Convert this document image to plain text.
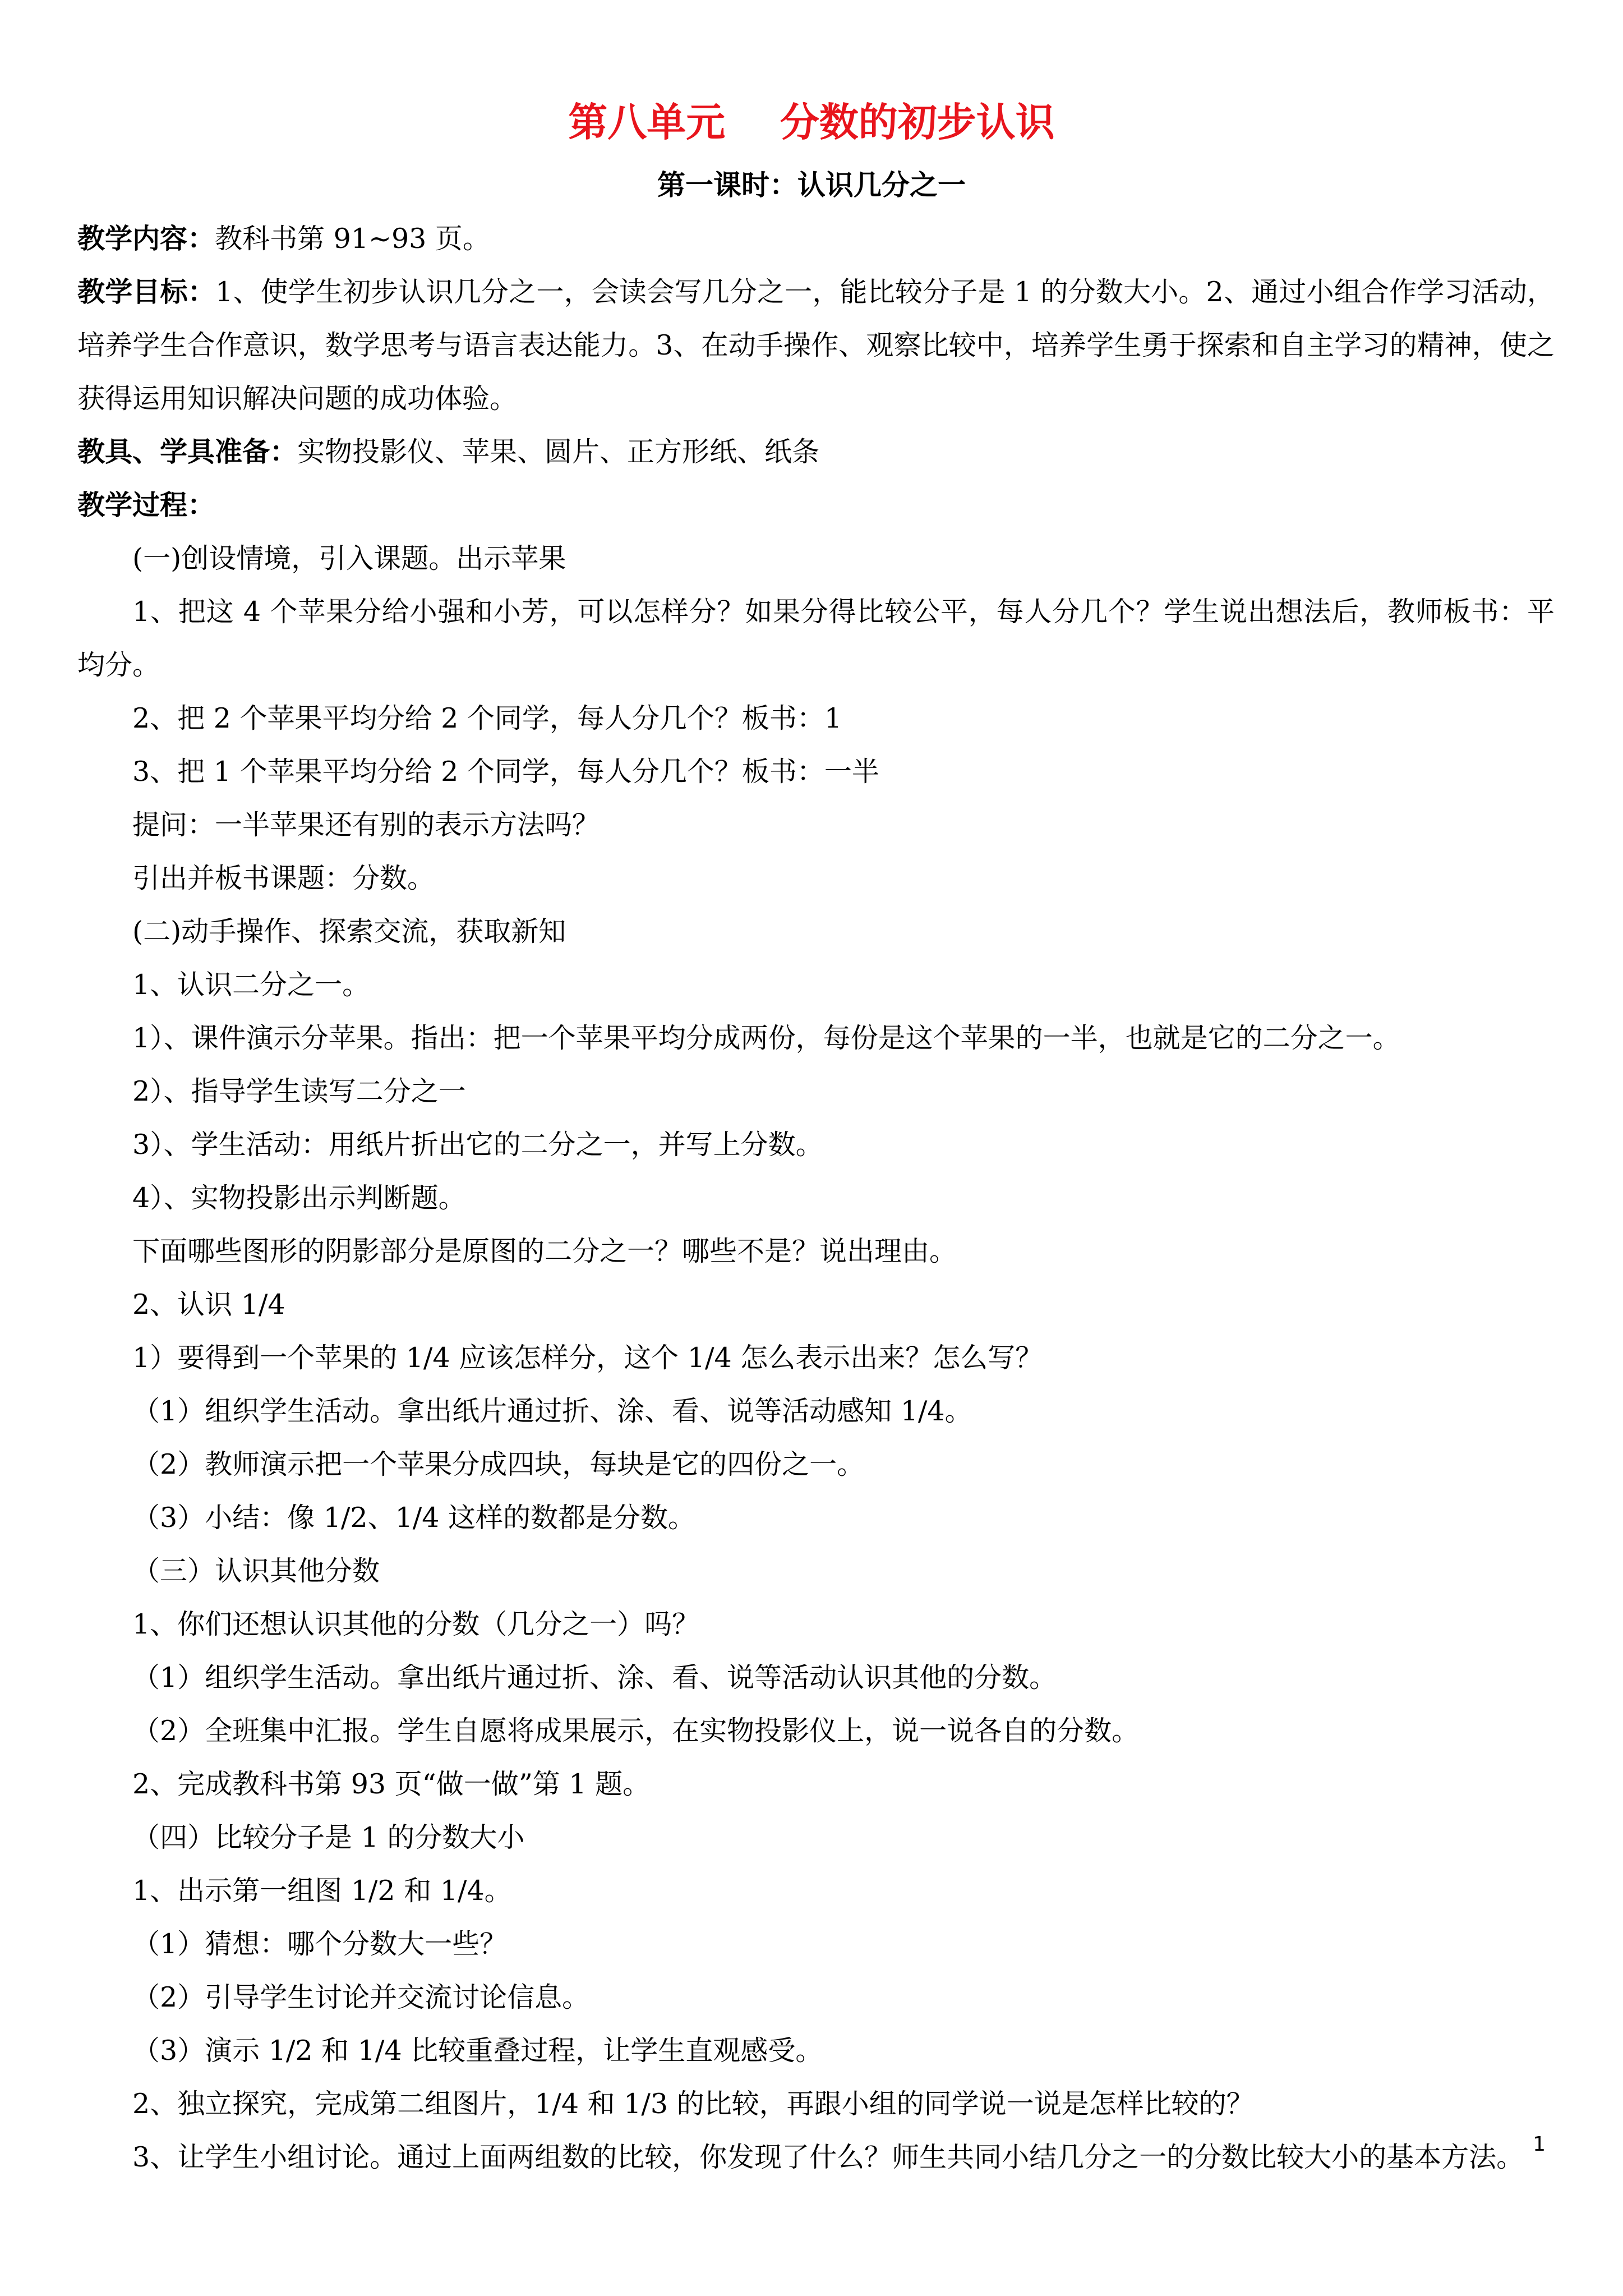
第八单元    分数的初步认识
第一课时：认识几分之一

教学内容：教科书第 91~93 页。

教学目标：1、使学生初步认识几分之一，会读会写几分之一，能比较分子是 1 的分数大小。2、通过小组合作学习活动，培养学生合作意识，数学思考与语言表达能力。3、在动手操作、观察比较中，培养学生勇于探索和自主学习的精神，使之获得运用知识解决问题的成功体验。

教具、学具准备：实物投影仪、苹果、圆片、正方形纸、纸条

教学过程：

(一)创设情境，引入课题。出示苹果

1、把这 4 个苹果分给小强和小芳，可以怎样分？如果分得比较公平，每人分几个？学生说出想法后，教师板书：平均分。

2、把 2 个苹果平均分给 2 个同学，每人分几个？板书：1

3、把 1 个苹果平均分给 2 个同学，每人分几个？板书：一半

提问：一半苹果还有别的表示方法吗？

引出并板书课题：分数。

(二)动手操作、探索交流，获取新知

1、认识二分之一。

1）、课件演示分苹果。指出：把一个苹果平均分成两份，每份是这个苹果的一半，也就是它的二分之一。

2）、指导学生读写二分之一

3）、学生活动：用纸片折出它的二分之一，并写上分数。

4）、实物投影出示判断题。

下面哪些图形的阴影部分是原图的二分之一？哪些不是？说出理由。

2、认识 1/4

1）要得到一个苹果的 1/4 应该怎样分，这个 1/4 怎么表示出来？怎么写？

（1）组织学生活动。拿出纸片通过折、涂、看、说等活动感知 1/4。

（2）教师演示把一个苹果分成四块，每块是它的四份之一。

（3）小结：像 1/2、1/4 这样的数都是分数。

（三）认识其他分数

1、你们还想认识其他的分数（几分之一）吗？

（1）组织学生活动。拿出纸片通过折、涂、看、说等活动认识其他的分数。

（2）全班集中汇报。学生自愿将成果展示，在实物投影仪上，说一说各自的分数。

2、完成教科书第 93 页“做一做”第 1 题。

（四）比较分子是 1 的分数大小

1、出示第一组图 1/2 和 1/4。

（1）猜想：哪个分数大一些？

（2）引导学生讨论并交流讨论信息。

（3）演示 1/2 和 1/4 比较重叠过程，让学生直观感受。

2、独立探究，完成第二组图片，1/4 和 1/3 的比较，再跟小组的同学说一说是怎样比较的？

3、让学生小组讨论。通过上面两组数的比较，你发现了什么？师生共同小结几分之一的分数比较大小的基本方法。 1
